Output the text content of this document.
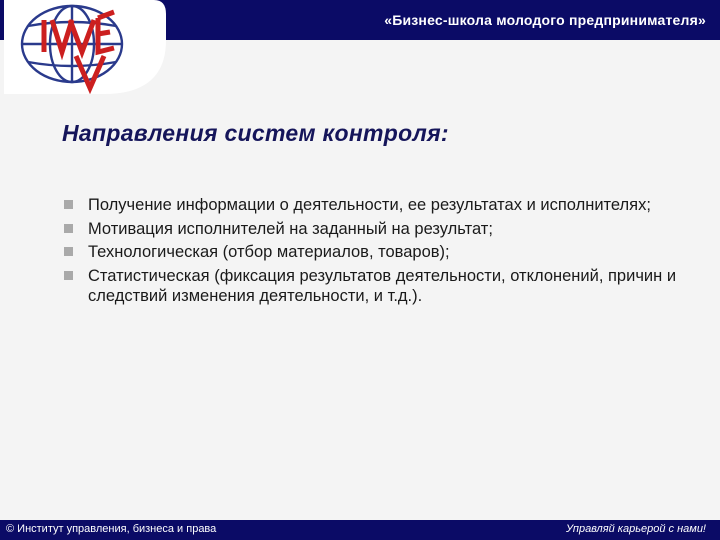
«Бизнес-школа молодого предпринимателя»
Направления систем контроля:
Получение информации о деятельности, ее результатах и исполнителях;
Мотивация исполнителей на заданный на результат;
Технологическая (отбор материалов, товаров);
Статистическая (фиксация результатов деятельности, отклонений, причин и следствий изменения деятельности, и т.д.).
© Институт управления, бизнеса и права	Управляй карьерой с нами!
